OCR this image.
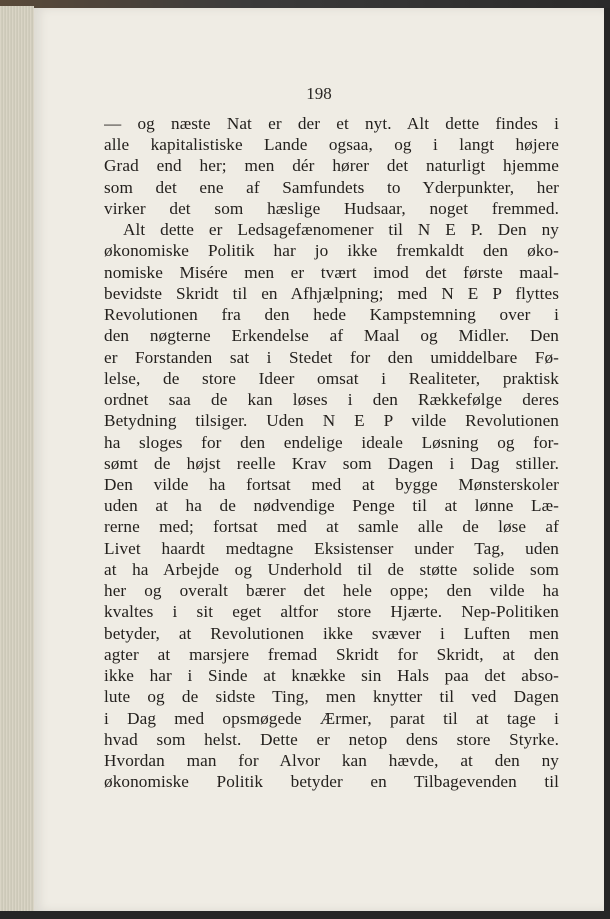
198
— og næste Nat er der et nyt. Alt dette findes i
alle kapitalistiske Lande ogsaa, og i langt højere
Grad end her; men dér hører det naturligt hjemme
som det ene af Samfundets to Yderpunkter, her
virker det som hæslige Hudsaar, noget fremmed.
Alt dette er Ledsagefænomener til N E P. Den ny
økonomiske Politik har jo ikke fremkaldt den øko-
nomiske Misére men er tvært imod det første maal-
bevidste Skridt til en Afhjælpning; med N E P flyttes
Revolutionen fra den hede Kampstemning over i
den nøgterne Erkendelse af Maal og Midler. Den
er Forstanden sat i Stedet for den umiddelbare Fø-
lelse, de store Ideer omsat i Realiteter, praktisk
ordnet saa de kan løses i den Rækkefølge deres
Betydning tilsiger. Uden N E P vilde Revolutionen
ha sloges for den endelige ideale Løsning og for-
sømt de højst reelle Krav som Dagen i Dag stiller.
Den vilde ha fortsat med at bygge Mønsterskoler
uden at ha de nødvendige Penge til at lønne Læ-
rerne med; fortsat med at samle alle de løse af
Livet haardt medtagne Eksistenser under Tag, uden
at ha Arbejde og Underhold til de støtte solide som
her og overalt bærer det hele oppe; den vilde ha
kvaltes i sit eget altfor store Hjærte. Nep-Politiken
betyder, at Revolutionen ikke svæver i Luften men
agter at marsjere fremad Skridt for Skridt, at den
ikke har i Sinde at knække sin Hals paa det abso-
lute og de sidste Ting, men knytter til ved Dagen
i Dag med opsmøgede Ærmer, parat til at tage i
hvad som helst. Dette er netop dens store Styrke.
Hvordan man for Alvor kan hævde, at den ny
økonomiske Politik betyder en Tilbagevenden til
